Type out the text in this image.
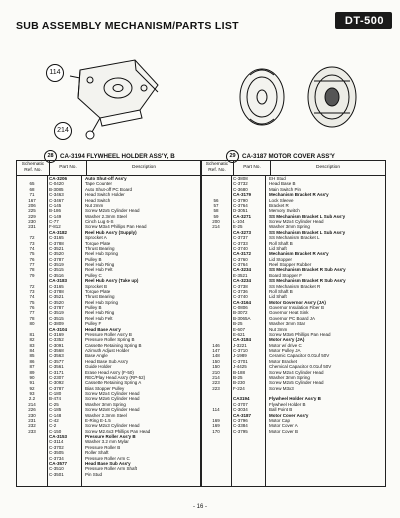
SUB ASSEMBLY MECHANISM/PARTS LIST	DT-500
114
214
28 CA-3194 FLYWHEEL HOLDER ASS'Y, B	29 CA-3187 MOTOR COVER ASS'Y
Schematic Ref. No.
Part No.	Description
CA-3206	Auto Shut-off Ass'y
65	C-0420	Tape Counter
68	B-3085	Auto Shut-off PC Board
71	C-3463	Head Switch Holder
167	C-3467	Head Switch
206	C-145	Nut 2mm
225	B-186	Screw M2x5 Cylinder Head
229	C-149	Washer 2.3mm Steel
230	C-77	Cinch Lug 6-S
231	F-812	Screw M3x4 Phillips Pan Head
CA-3182	Reel Hub Ass'y (Supply)
72	C-3165	Sprocket A
73	C-3788	Torque Plate
74	C-3521	Thrust Bearing
75	C-3520	Reel Hub Spring
76	C-3787	Pulley B
77	C-3519	Reel Hub Ring
78	C-3515	Reel Hub Felt
79	C-3516	Pulley C
CA-3183	Reel Hub Ass'y (Take up)
72	C-3165	Sprocket B
73	C-3788	Torque Plate
74	C-3521	Thrust Bearing
75	C-3520	Reel Hub Spring
76	C-3787	Pulley B
77	C-3519	Reel Hub Ring
78	C-3515	Reel Hub Felt
80	C-3809	Pulley F
CA-3104	Head Base Ass'y
81	C-3169	Pressure Roller Ass'y B
82	C-3352	Pressure Roller Spring B
83	C-3091	Cassette Retaining Spring B
84	C-3568	Azimuth Adjust Holder
85	C-3563	Base Angle
86	C-3577	Head Base Sub Ass'y
87	C-3561	Guide Holder
89	C-3171	Erase Head Ass'y (F-50)
90	C-2307	REC/Play Head Ass'y (RP-52)
91	C-3092	Cassette Retaining Spring A
92	C-3787	Bias Stopper Pulley
93	C-180	Screw M2x4 Cylinder Head
2.2	B-474	Screw M2x6 Cylinder Head
214	C-25	Washer 3mm Spring
226	C-185	Screw M2x8 Cylinder Head
230	C-148	Washer 2.3mm Steel
231	C-42	E-Ring E-1.5
232	C-2	Screw M2x3 Cylinder Head
233	C-150	Screw M2.6x3 Phillips Pan Head
CA-3153	Pressure Roller Ass'y B
C-3114	Washer 3.2 mm Mylar
C-3702	Pressure Roller B
C-3505	Roller Shaft
C-3734	Pressure Roller Arm C
CA-3577	Head Base Sub Ass'y
C-3510	Pressure Roller Arm Shaft
C-3501	Pin Stud
Schematic Ref. No.
Part No.	Description
C-3808	EH Stud
C-3732	Head Base B
C-3680	Main Switch Pin
CA-3179	Mechanism Bracket R Ass'y
56	C-3790	Lock Sleeve
57	C-3764	Bracket R
58	D-3051	Memory Switch
59	CA-3271	SS Mechanism Bracket L Sub Ass'y
200	L-104	Screw M2x4 Cylinder Head
214	E-25	Washer 3mm Spring
CA-3273	SS Mechanism Bracket L Sub Ass'y
C-3737	SS Mechanism Bracket L
C-3733	Roll Shaft B
C-3740	Lid Shaft
CA-3172	Mechanism Bracket R Ass'y
C-3760	Lid Stopper
C-3764	Reel Stopper Rubber
CA-3234	SS Mechanism Bracket R Sub Ass'y
E-3521	Board Stopper F
CA-3234	SS Mechanism Bracket R Sub Ass'y
C-3738	SS Mechanism Bracket R
C-3736	Roll Shaft B
C-3740	Lid Shaft
CA-3164	Motor Governor Ass'y (JA)
C-0806	Governor Insulation Fiber B
B-3072	Governor Heat Sink
B-3065A	Governor PC Board JA
B-25	Washer 3mm Star
E-607	Nut 3mm
E-621	Screw M3x6 Phillips Pan Head
CA-3184	Motor Ass'y (JA)
146	J-3221	Motor w/ drive C
147	C-3710	Motor Pulley JA
148	J-1989	Ceramic Capacitor 0.01uf 50V
150	C-3701	Motor Bracket
150	J-4425	Chemical Capacitor 0.01uf 50V
210	B-188	Screw M2x4 Cylinder Head
214	B-25	Washer 3mm Spring
223	B-230	Screw M2x5 Cylinder Head
223	F-224	Screw M3x3
CA3194	Flywheel Holder Ass'y B
C-3707	Flywheel Holder B
114	C-3034	Ball Point B
CA-3187	Motor Cover Ass'y
169	C-3796	Motor Cap
169	C-3384	Motor Cover A
170	C-3795	Motor Cover B
- 16 -
